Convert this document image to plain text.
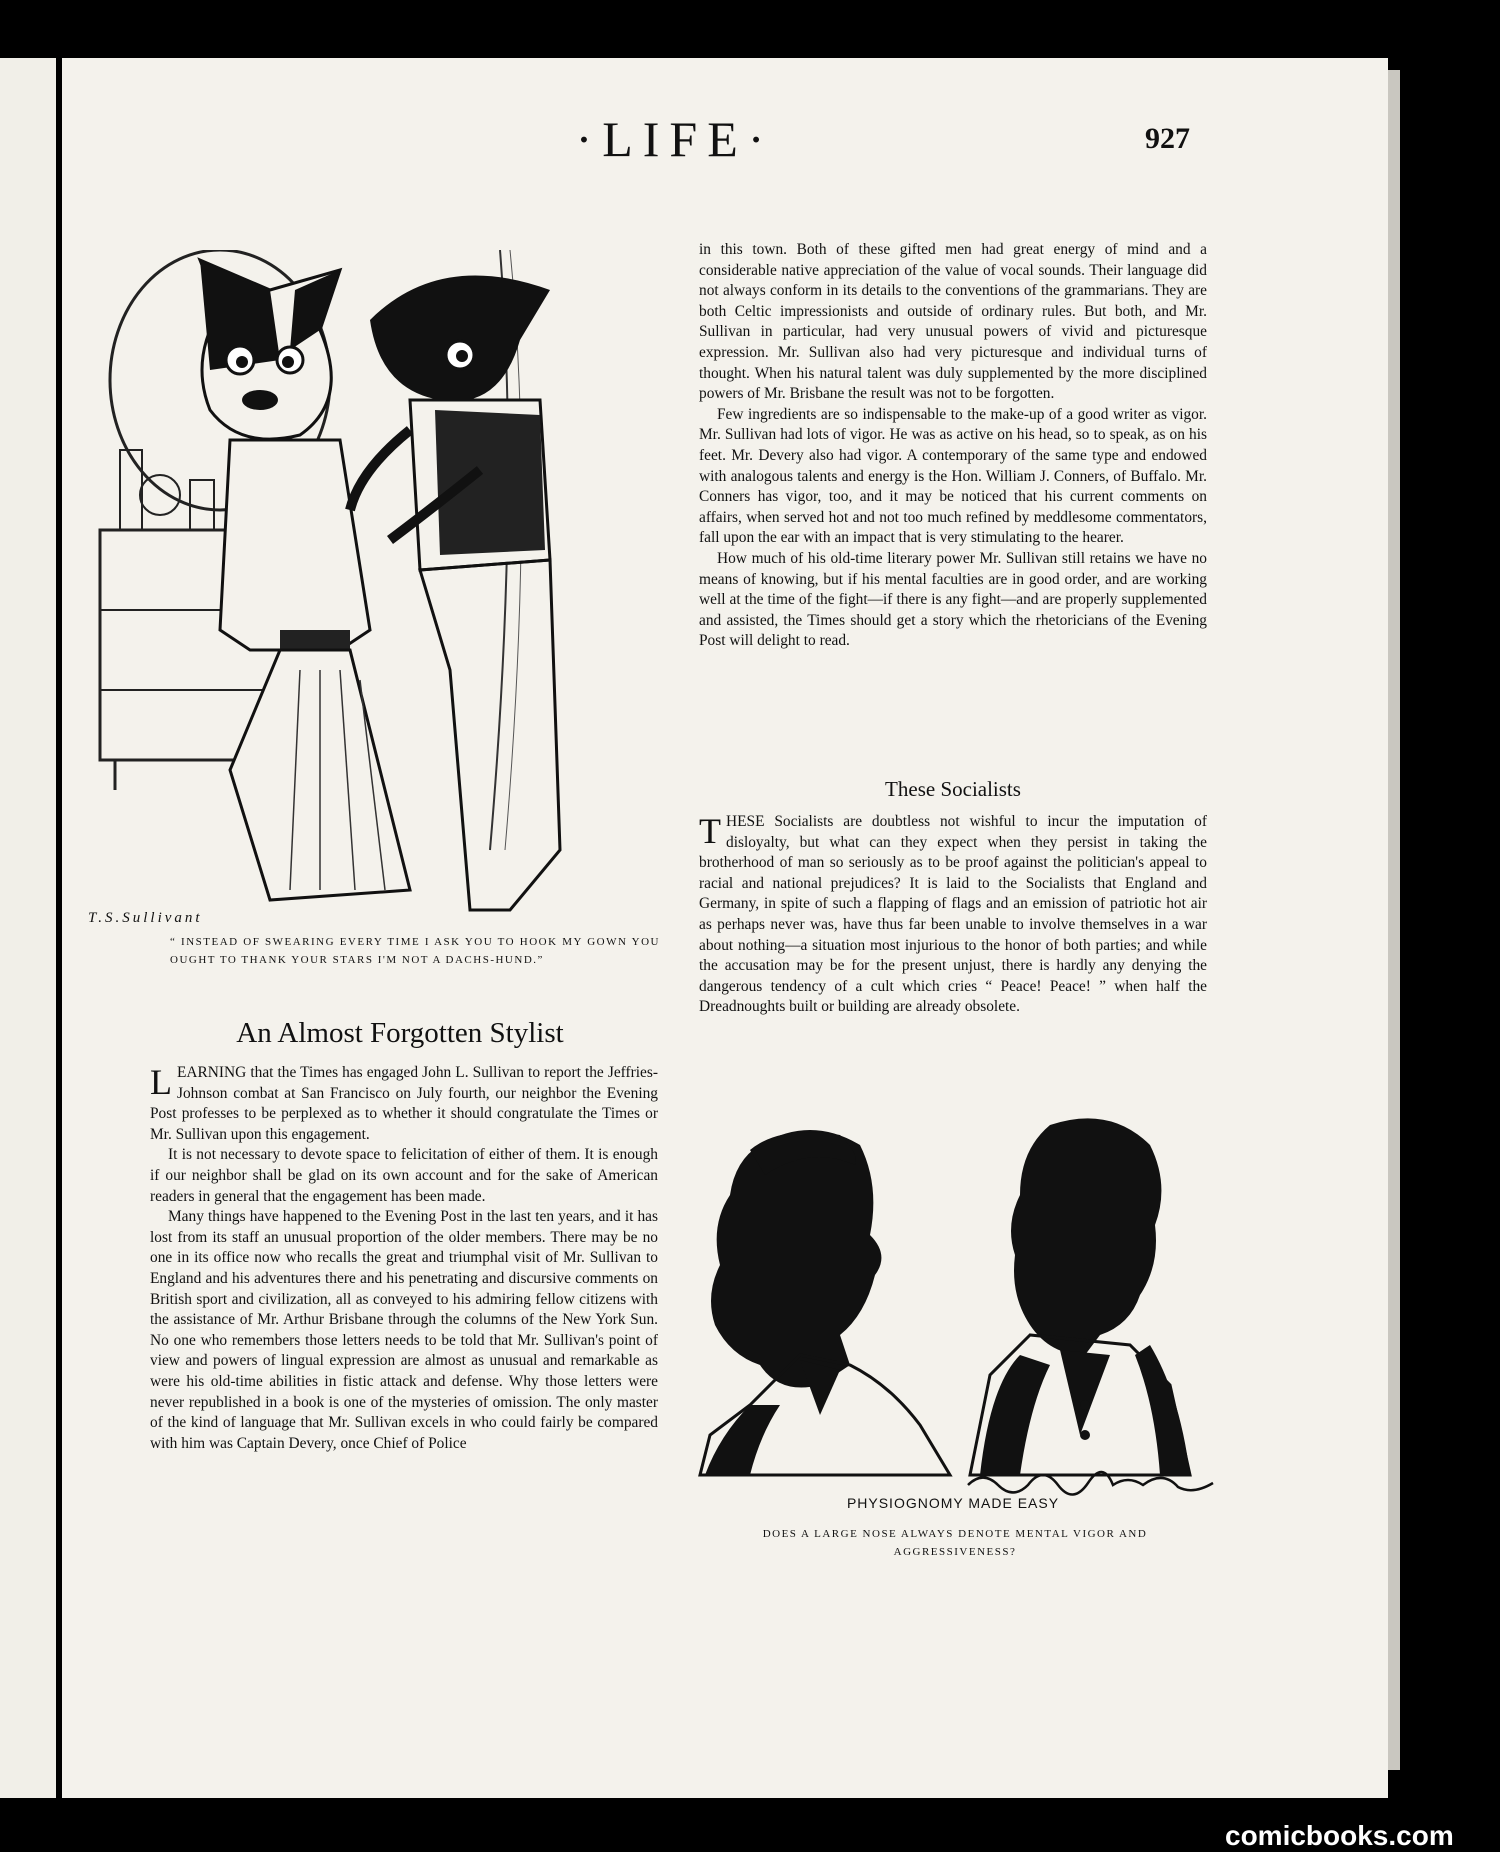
·LIFE·	927
T.S.Sullivant
“ INSTEAD OF SWEARING EVERY TIME I ASK YOU TO HOOK MY GOWN YOU OUGHT TO THANK YOUR STARS I'M NOT A DACHS-HUND.”
An Almost Forgotten Stylist

LEARNING that the Times has engaged John L. Sullivan to report the Jeffries-Johnson combat at San Francisco on July fourth, our neighbor the Evening Post professes to be perplexed as to whether it should congratulate the Times or Mr. Sullivan upon this engagement.

It is not necessary to devote space to felicitation of either of them. It is enough if our neighbor shall be glad on its own account and for the sake of American readers in general that the engagement has been made.

Many things have happened to the Evening Post in the last ten years, and it has lost from its staff an unusual proportion of the older members. There may be no one in its office now who recalls the great and triumphal visit of Mr. Sullivan to England and his adventures there and his penetrating and discursive comments on British sport and civilization, all as conveyed to his admiring fellow citizens with the assistance of Mr. Arthur Brisbane through the columns of the New York Sun. No one who remembers those letters needs to be told that Mr. Sullivan's point of view and powers of lingual expression are almost as unusual and remarkable as were his old-time abilities in fistic attack and defense. Why those letters were never republished in a book is one of the mysteries of omission. The only master of the kind of language that Mr. Sullivan excels in who could fairly be compared with him was Captain Devery, once Chief of Police

in this town. Both of these gifted men had great energy of mind and a considerable native appreciation of the value of vocal sounds. Their language did not always conform in its details to the conventions of the grammarians. They are both Celtic impressionists and outside of ordinary rules. But both, and Mr. Sullivan in particular, had very unusual powers of vivid and picturesque expression. Mr. Sullivan also had very picturesque and individual turns of thought. When his natural talent was duly supplemented by the more disciplined powers of Mr. Brisbane the result was not to be forgotten.

Few ingredients are so indispensable to the make-up of a good writer as vigor. Mr. Sullivan had lots of vigor. He was as active on his head, so to speak, as on his feet. Mr. Devery also had vigor. A contemporary of the same type and endowed with analogous talents and energy is the Hon. William J. Conners, of Buffalo. Mr. Conners has vigor, too, and it may be noticed that his current comments on affairs, when served hot and not too much refined by meddlesome commentators, fall upon the ear with an impact that is very stimulating to the hearer.

How much of his old-time literary power Mr. Sullivan still retains we have no means of knowing, but if his mental faculties are in good order, and are working well at the time of the fight—if there is any fight—and are properly supplemented and assisted, the Times should get a story which the rhetoricians of the Evening Post will delight to read.

These Socialists

THESE Socialists are doubtless not wishful to incur the imputation of disloyalty, but what can they expect when they persist in taking the brotherhood of man so seriously as to be proof against the politician's appeal to racial and national prejudices? It is laid to the Socialists that England and Germany, in spite of such a flapping of flags and an emission of patriotic hot air as perhaps never was, have thus far been unable to involve themselves in a war about nothing—a situation most injurious to the honor of both parties; and while the accusation may be for the present unjust, there is hardly any denying the dangerous tendency of a cult which cries “ Peace! Peace! ” when half the Dreadnoughts built or building are already obsolete.

PHYSIOGNOMY MADE EASY
DOES A LARGE NOSE ALWAYS DENOTE MENTAL VIGOR AND AGGRESSIVENESS?
comicbooks.com
